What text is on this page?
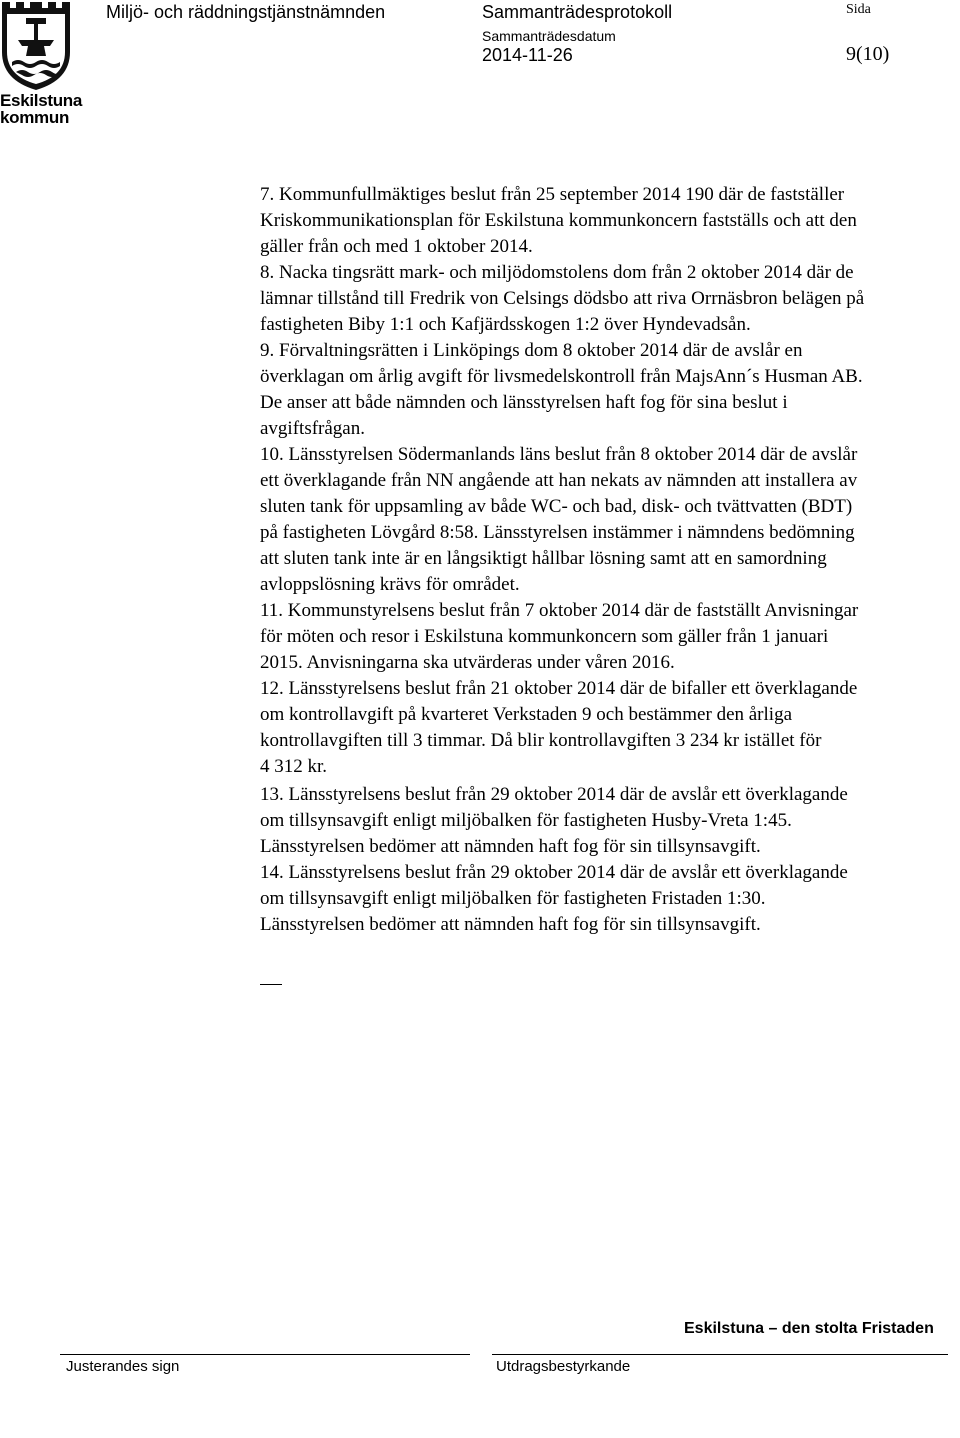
Eskilstuna
kommun
Miljö- och räddningstjänstnämnden	Sammanträdesprotokoll
Sammanträdesdatum
2014-11-26
Sida
9(10)
7. Kommunfullmäktiges beslut från 25 september 2014 190 där de fastställer
Kriskommunikationsplan för Eskilstuna kommunkoncern fastställs och att den
gäller från och med 1 oktober 2014.
8. Nacka tingsrätt mark- och miljödomstolens dom från 2 oktober 2014 där de
lämnar tillstånd till Fredrik von Celsings dödsbo att riva Orrnäsbron belägen på
fastigheten Biby 1:1 och Kafjärdsskogen 1:2 över Hyndevadsån.
9. Förvaltningsrätten i Linköpings dom 8 oktober 2014 där de avslår en
överklagan om årlig avgift för livsmedelskontroll från MajsAnn´s Husman AB.
De anser att både nämnden och länsstyrelsen haft fog för sina beslut i
avgiftsfrågan.
10. Länsstyrelsen Södermanlands läns beslut från 8 oktober 2014 där de avslår
ett överklagande från NN angående att han nekats av nämnden att installera av
sluten tank för uppsamling av både WC- och bad, disk- och tvättvatten (BDT)
på fastigheten Lövgård 8:58. Länsstyrelsen instämmer i nämndens bedömning
att sluten tank inte är en långsiktigt hållbar lösning samt att en samordning
avloppslösning krävs för området.
11. Kommunstyrelsens beslut från 7 oktober 2014 där de fastställt Anvisningar
för möten och resor i Eskilstuna kommunkoncern som gäller från 1 januari
2015. Anvisningarna ska utvärderas under våren 2016.
12. Länsstyrelsens beslut från 21 oktober 2014 där de bifaller ett överklagande
om kontrollavgift på kvarteret Verkstaden 9 och bestämmer den årliga
kontrollavgiften till 3 timmar. Då blir kontrollavgiften 3 234 kr istället för
4 312 kr.
13. Länsstyrelsens beslut från 29 oktober 2014 där de avslår ett överklagande
om tillsynsavgift enligt miljöbalken för fastigheten Husby-Vreta 1:45.
Länsstyrelsen bedömer att nämnden haft fog för sin tillsynsavgift.
14. Länsstyrelsens beslut från 29 oktober 2014 där de avslår ett överklagande
om tillsynsavgift enligt miljöbalken för fastigheten Fristaden 1:30.
Länsstyrelsen bedömer att nämnden haft fog för sin tillsynsavgift.
Eskilstuna – den stolta Fristaden
Justerandes sign	Utdragsbestyrkande
